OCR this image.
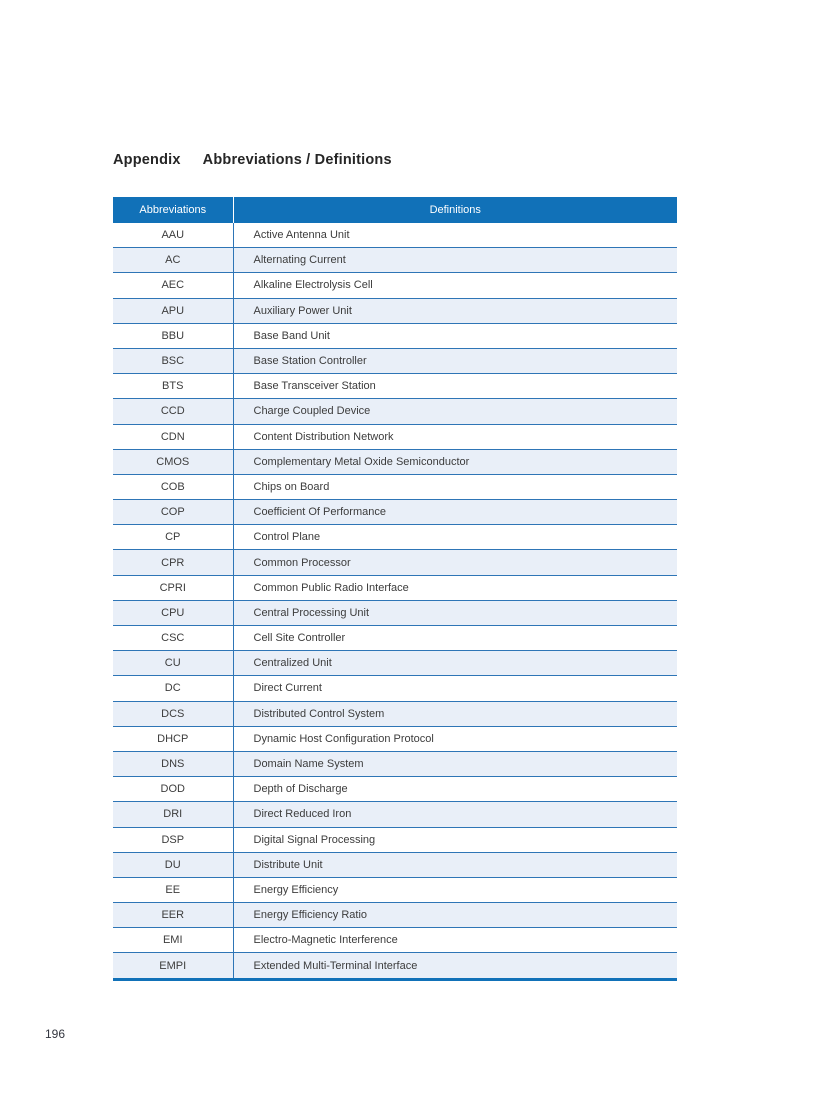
Appendix Abbreviations / Definitions
Abbreviations	Definitions
AAU	Active Antenna Unit
AC	Alternating Current
AEC	Alkaline Electrolysis Cell
APU	Auxiliary Power Unit
BBU	Base Band Unit
BSC	Base Station Controller
BTS	Base Transceiver Station
CCD	Charge Coupled Device
CDN	Content Distribution Network
CMOS	Complementary Metal Oxide Semiconductor
COB	Chips on Board
COP	Coefficient Of Performance
CP	Control Plane
CPR	Common Processor
CPRI	Common Public Radio Interface
CPU	Central Processing Unit
CSC	Cell Site Controller
CU	Centralized Unit
DC	Direct Current
DCS	Distributed Control System
DHCP	Dynamic Host Configuration Protocol
DNS	Domain Name System
DOD	Depth of Discharge
DRI	Direct Reduced Iron
DSP	Digital Signal Processing
DU	Distribute Unit
EE	Energy Efficiency
EER	Energy Efficiency Ratio
EMI	Electro-Magnetic Interference
EMPI	Extended Multi-Terminal Interface
196
